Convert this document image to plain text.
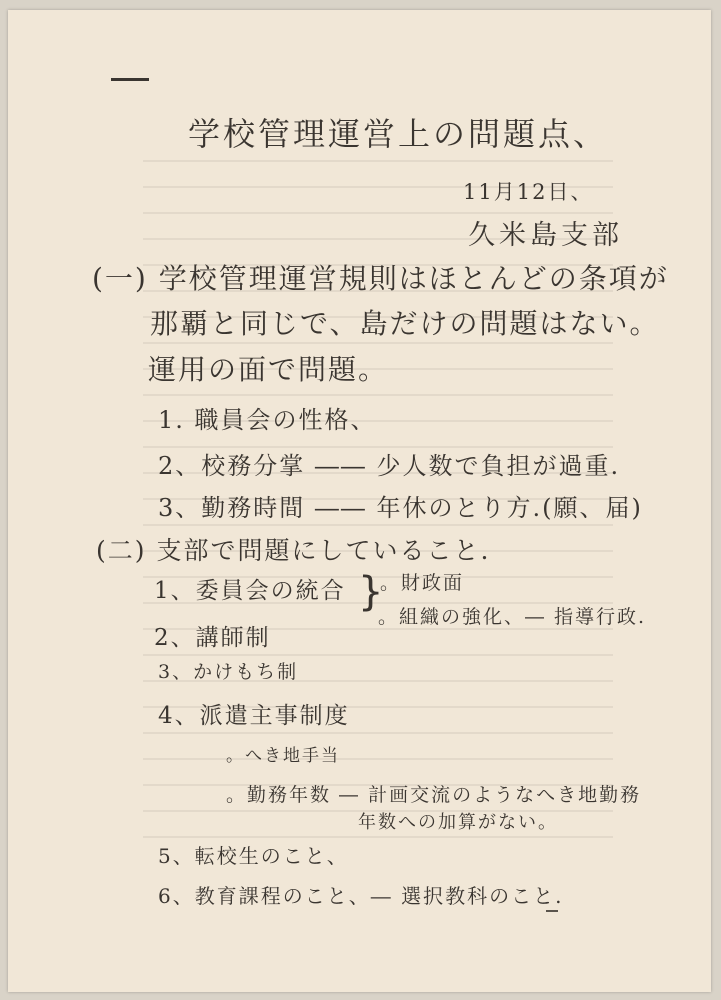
学校管理運営上の問題点、
11月12日、
久米島支部
(一) 学校管理運営規則はほとんどの条項が
那覇と同じで、島だけの問題はない。
運用の面で問題。
1. 職員会の性格、
2、校務分掌 ―― 少人数で負担が過重.
3、勤務時間 ―― 年休のとり方.(願、届)
(二) 支部で問題にしていること.
1、委員会の統合 }
。財政面
。組織の強化、― 指導行政.
2、講師制
3、かけもち制
4、派遣主事制度
。へき地手当
。勤務年数 ― 計画交流のようなへき地勤務
年数への加算がない。
5、転校生のこと、
6、教育課程のこと、― 選択教科のこと.
